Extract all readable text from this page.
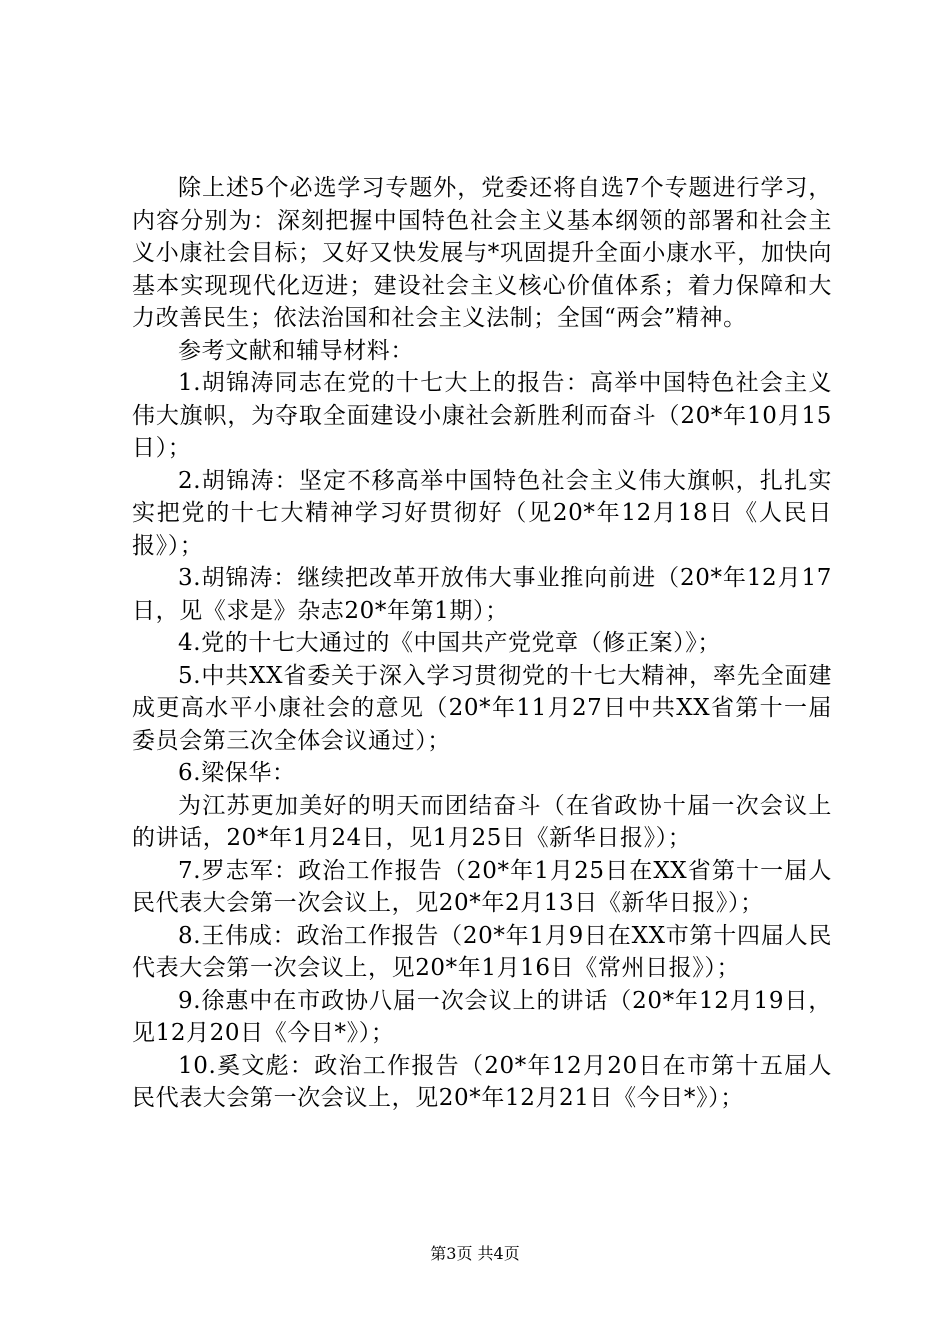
除上述5个必选学习专题外，党委还将自选7个专题进行学习，内容分别为：深刻把握中国特色社会主义基本纲领的部署和社会主义小康社会目标；又好又快发展与*巩固提升全面小康水平，加快向基本实现现代化迈进；建设社会主义核心价值体系；着力保障和大力改善民生；依法治国和社会主义法制；全国“两会”精神。

参考文献和辅导材料：

1.胡锦涛同志在党的十七大上的报告：高举中国特色社会主义伟大旗帜，为夺取全面建设小康社会新胜利而奋斗（20*年10月15日）；

2.胡锦涛：坚定不移高举中国特色社会主义伟大旗帜，扎扎实实把党的十七大精神学习好贯彻好（见20*年12月18日《人民日报》）；

3.胡锦涛：继续把改革开放伟大事业推向前进（20*年12月17日，见《求是》杂志20*年第1期）；

4.党的十七大通过的《中国共产党党章（修正案）》；

5.中共XX省委关于深入学习贯彻党的十七大精神，率先全面建成更高水平小康社会的意见（20*年11月27日中共XX省第十一届委员会第三次全体会议通过）；

6.梁保华：

为江苏更加美好的明天而团结奋斗（在省政协十届一次会议上的讲话，20*年1月24日，见1月25日《新华日报》）；

7.罗志军：政治工作报告（20*年1月25日在XX省第十一届人民代表大会第一次会议上，见20*年2月13日《新华日报》）；

8.王伟成：政治工作报告（20*年1月9日在XX市第十四届人民代表大会第一次会议上，见20*年1月16日《常州日报》）；

9.徐惠中在市政协八届一次会议上的讲话（20*年12月19日，见12月20日《今日*》）；

10.奚文彪：政治工作报告（20*年12月20日在市第十五届人民代表大会第一次会议上，见20*年12月21日《今日*》）；

第3页 共4页
